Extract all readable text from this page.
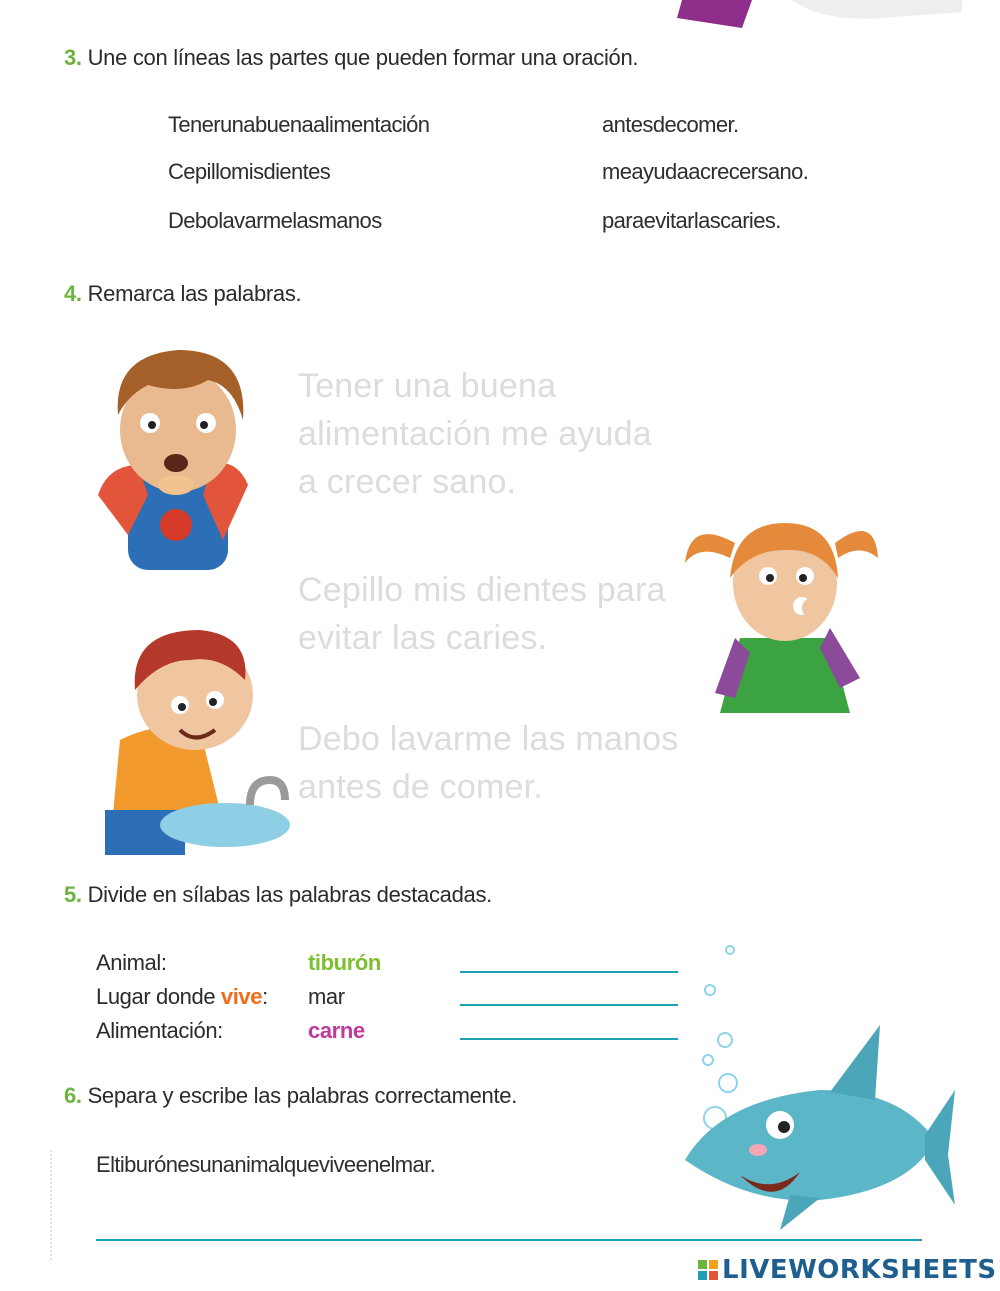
3. Une con líneas las partes que pueden formar una oración.
Tenerunabuenaalimentación
Cepillomisdientes
Debolavarmelasmanos
antesdecomer.
meayudaacrecersano.
paraevitarlascaries.
4. Remarca las palabras.
Tener una buena
alimentación me ayuda
a crecer sano.
Cepillo mis dientes para
evitar las caries.
Debo lavarme las manos
antes de comer.
5. Divide en sílabas las palabras destacadas.
Animal:	tiburón
Lugar donde vive: mar
Alimentación:	carne
6. Separa y escribe las palabras correctamente.
Eltiburónesunanimalqueviveenelmar.
LIVEWORKSHEETS
